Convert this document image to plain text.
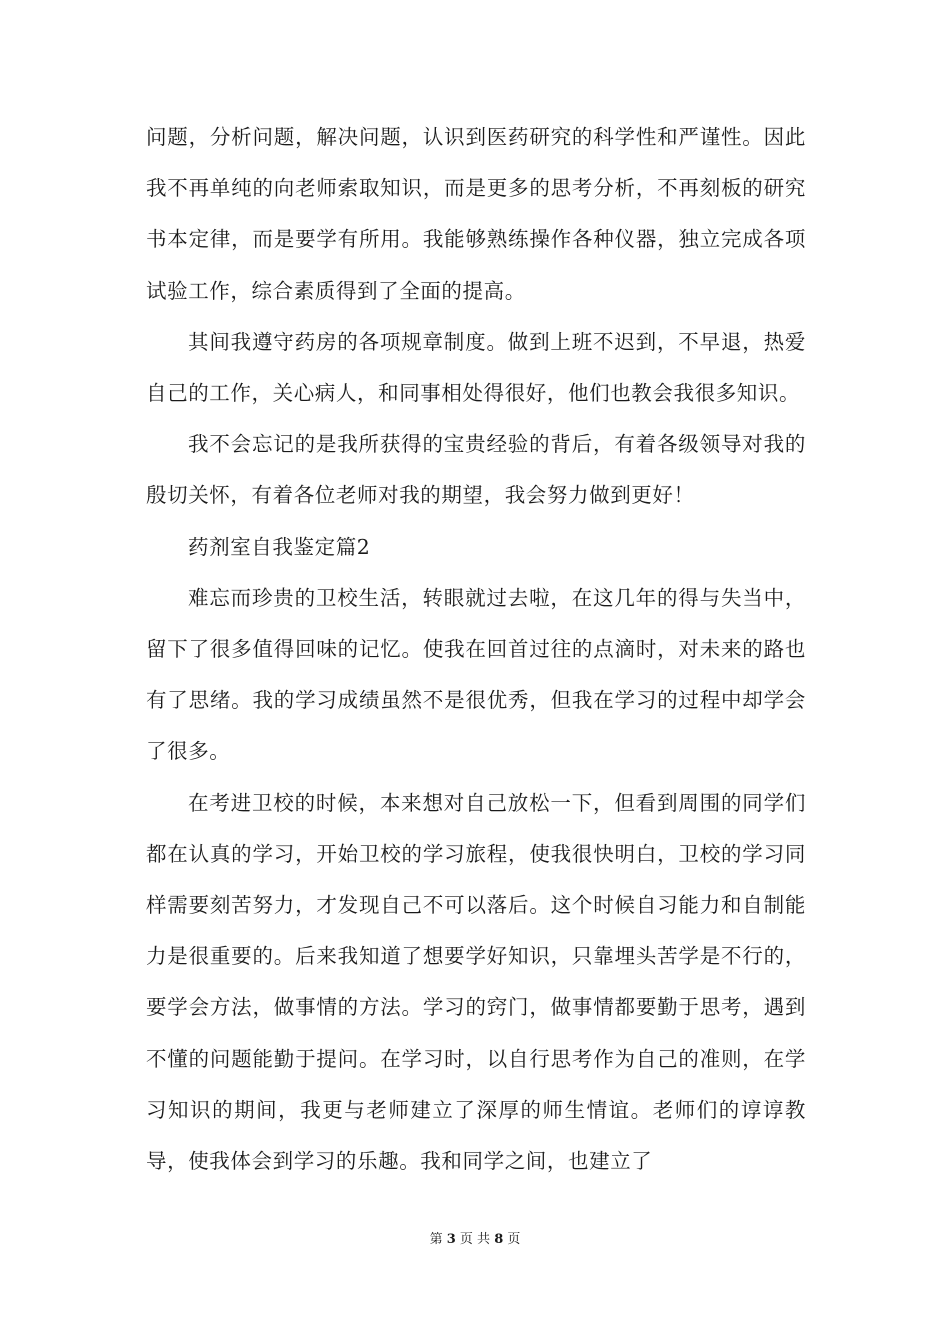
问题，分析问题，解决问题，认识到医药研究的科学性和严谨性。因此我不再单纯的向老师索取知识，而是更多的思考分析，不再刻板的研究书本定律，而是要学有所用。我能够熟练操作各种仪器，独立完成各项试验工作，综合素质得到了全面的提高。

其间我遵守药房的各项规章制度。做到上班不迟到，不早退，热爱自己的工作，关心病人，和同事相处得很好，他们也教会我很多知识。

我不会忘记的是我所获得的宝贵经验的背后，有着各级领导对我的殷切关怀，有着各位老师对我的期望，我会努力做到更好！

药剂室自我鉴定篇2

难忘而珍贵的卫校生活，转眼就过去啦，在这几年的得与失当中，留下了很多值得回味的记忆。使我在回首过往的点滴时，对未来的路也有了思绪。我的学习成绩虽然不是很优秀，但我在学习的过程中却学会了很多。

在考进卫校的时候，本来想对自己放松一下，但看到周围的同学们都在认真的学习，开始卫校的学习旅程，使我很快明白，卫校的学习同样需要刻苦努力，才发现自己不可以落后。这个时候自习能力和自制能力是很重要的。后来我知道了想要学好知识，只靠埋头苦学是不行的，要学会方法，做事情的方法。学习的窍门，做事情都要勤于思考，遇到不懂的问题能勤于提问。在学习时，以自行思考作为自己的准则，在学习知识的期间，我更与老师建立了深厚的师生情谊。老师们的谆谆教导，使我体会到学习的乐趣。我和同学之间，也建立了

第 3 页 共 8 页
